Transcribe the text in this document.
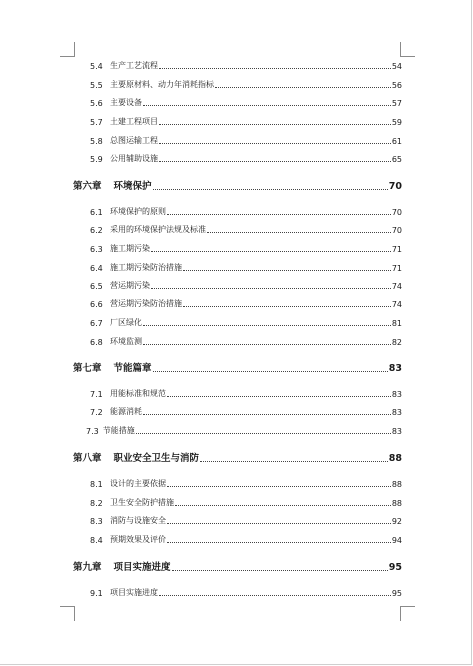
5.4 生产工艺流程	54
5.5 主要原材料、动力年消耗指标	56
5.6 主要设备	57
5.7 土建工程项目	59
5.8 总图运输工程	61
5.9 公用辅助设施	65
第六章 环境保护	70
6.1 环境保护的原则	70
6.2 采用的环境保护法规及标准	70
6.3 施工期污染	71
6.4 施工期污染防治措施	71
6.5 营运期污染	74
6.6 营运期污染防治措施	74
6.7 厂区绿化	81
6.8 环境监测	82
第七章 节能篇章	83
7.1 用能标准和规范	83
7.2 能源消耗	83
7.3 节能措施	83
第八章 职业安全卫生与消防	88
8.1 设计的主要依据	88
8.2 卫生安全防护措施	88
8.3 消防与设施安全	92
8.4 预期效果及评价	94
第九章 项目实施进度	95
9.1 项目实施进度	95
